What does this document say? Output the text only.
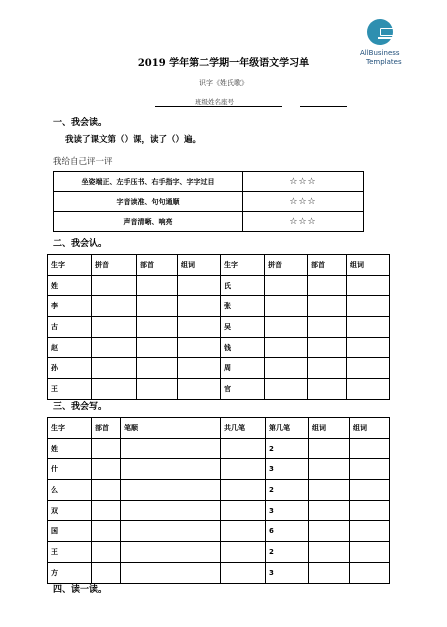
AllBusiness
Templates
2019 学年第二学期一年级语文学习单
识字《姓氏歌》
班级姓名座号
一、我会读。
我读了课文第（）课，读了（）遍。
我给自己评一评
坐姿端正、左手压书、右手指字、字字过目	☆☆☆
字音读准、句句通顺	☆☆☆
声音清晰、响亮	☆☆☆
二、我会认。
生字	拼音	部首	组词	生字	拼音	部首	组词
姓				氏			
李				张			
古				吴			
赵				钱			
孙				周			
王				官			
三、我会写。
生字	部首	笔顺	共几笔	第几笔	组词	组词
姓				2		
什				3		
么				2		
双				3		
国				6		
王				2		
方				3		
四、读一读。
